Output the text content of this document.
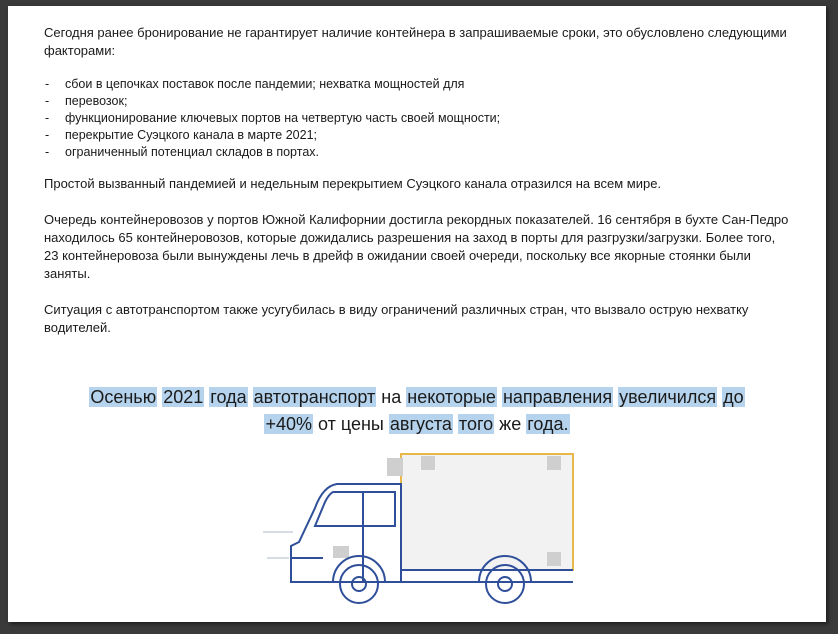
Сегодня ранее бронирование не гарантирует наличие контейнера в запрашиваемые сроки, это обусловлено следующими факторами:

- сбои в цепочках поставок после пандемии; нехватка мощностей для
- перевозок;
- функционирование ключевых портов на четвертую часть своей мощности;
- перекрытие Суэцкого канала в марте 2021;
- ограниченный потенциал складов в портах.

Простой вызванный пандемией и недельным перекрытием Суэцкого канала отразился на всем мире.

Очередь контейнеровозов у портов Южной Калифорнии достигла рекордных показателей. 16 сентября в бухте Сан-Педро находилось 65 контейнеровозов, которые дожидались разрешения на заход в порты для разгрузки/загрузки. Более того, 23 контейнеровоза были вынуждены лечь в дрейф в ожидании своей очереди, поскольку все якорные стоянки были заняты.

Ситуация с автотранспортом также усугубилась в виду ограничений различных стран, что вызвало острую нехватку водителей.

Осенью 2021 года автотранспорт на некоторые направления увеличился до
+40% от цены августа того же года.
